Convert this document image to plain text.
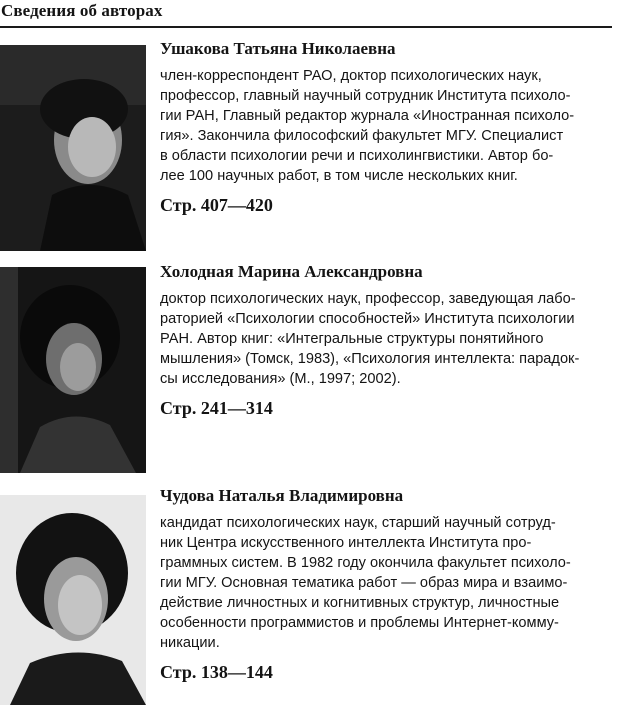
Сведения об авторах
Ушакова Татьяна Николаевна
член-корреспондент РАО, доктор психологических наук,
профессор, главный научный сотрудник Института психоло-
гии РАН, Главный редактор журнала «Иностранная психоло-
гия». Закончила философский факультет МГУ. Специалист
в области психологии речи и психолингвистики. Автор бо-
лее 100 научных работ, в том числе нескольких книг.
Стр. 407—420
Холодная Марина Александровна
доктор психологических наук, профессор, заведующая лабо-
раторией «Психологии способностей» Института психологии
РАН. Автор книг: «Интегральные структуры понятийного
мышления» (Томск, 1983), «Психология интеллекта: парадок-
сы исследования» (М., 1997; 2002).
Стр. 241—314
Чудова Наталья Владимировна
кандидат психологических наук, старший научный сотруд-
ник Центра искусственного интеллекта Института про-
граммных систем. В 1982 году окончила факультет психоло-
гии МГУ. Основная тематика работ — образ мира и взаимо-
действие личностных и когнитивных структур, личностные
особенности программистов и проблемы Интернет-комму-
никации.
Стр. 138—144
